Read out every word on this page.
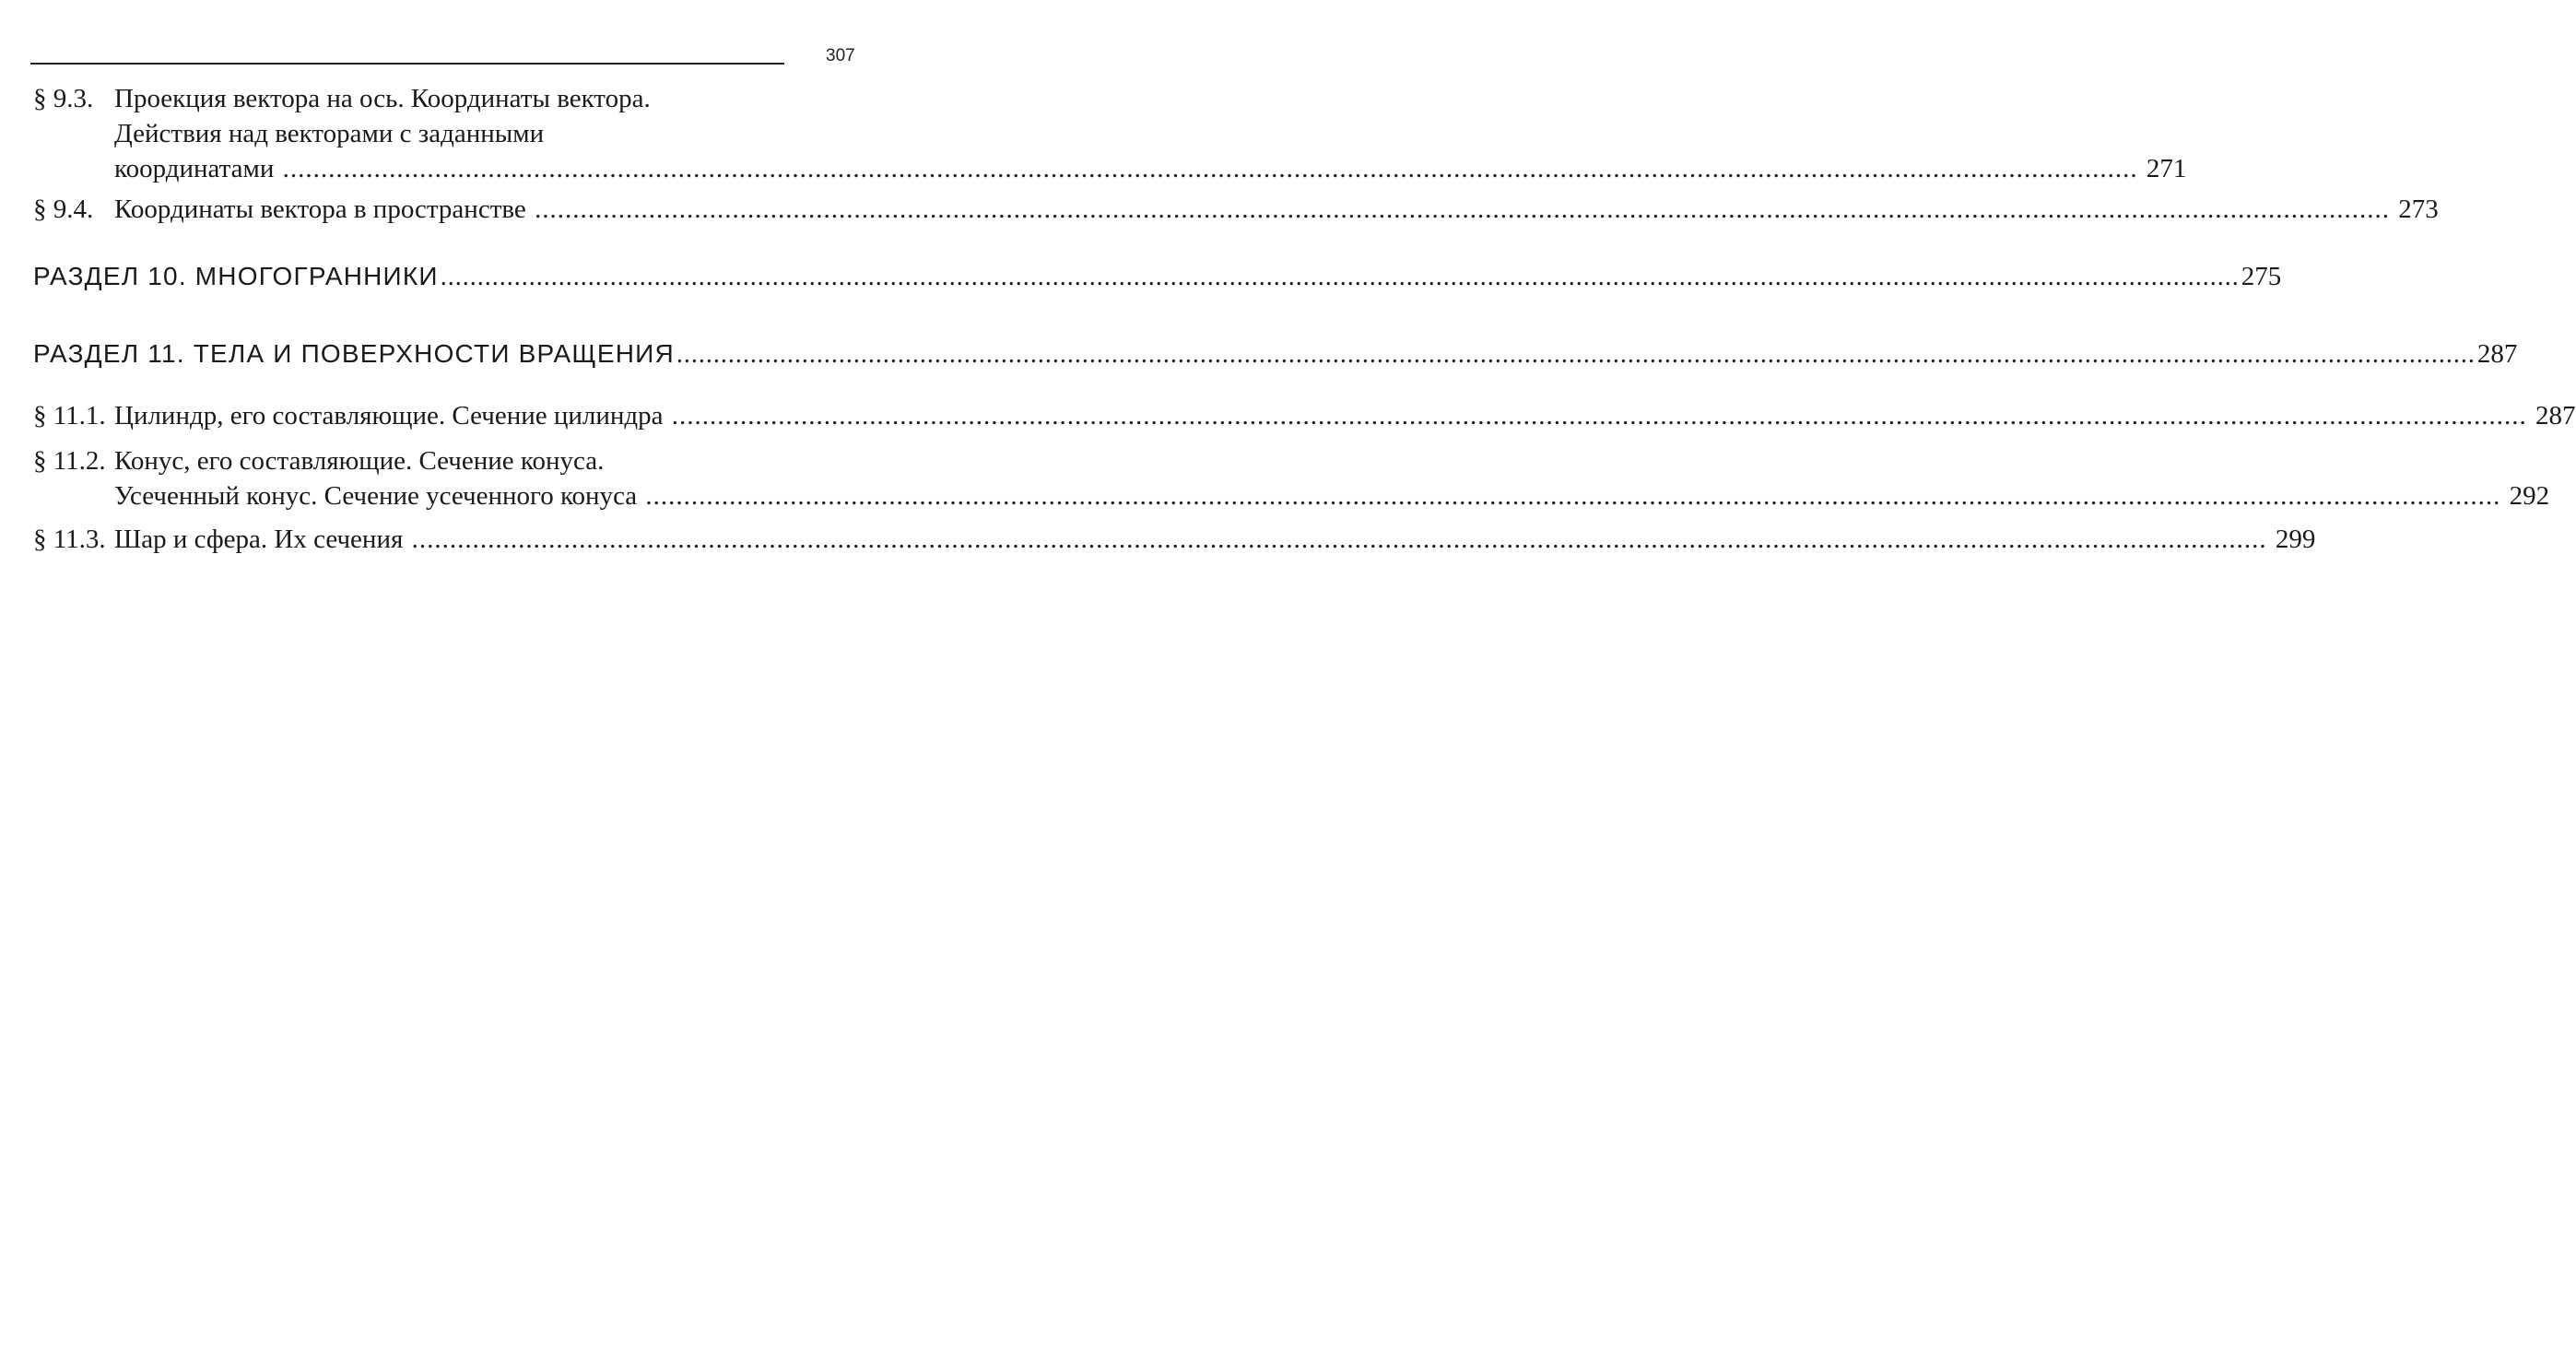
307
§ 9.3. Проекция вектора на ось. Координаты вектора.
Действия над векторами с заданными
координатами .....	271
§ 9.4. Координаты вектора в пространстве .....	273
РАЗДЕЛ 10. МНОГОГРАННИКИ .....	275
РАЗДЕЛ 11. ТЕЛА И ПОВЕРХНОСТИ ВРАЩЕНИЯ .....	287
§ 11.1. Цилиндр, его составляющие. Сечение цилиндра .....	287
§ 11.2. Конус, его составляющие. Сечение конуса.
Усеченный конус. Сечение усеченного конуса .....	292
§ 11.3. Шар и сфера. Их сечения .....	299
